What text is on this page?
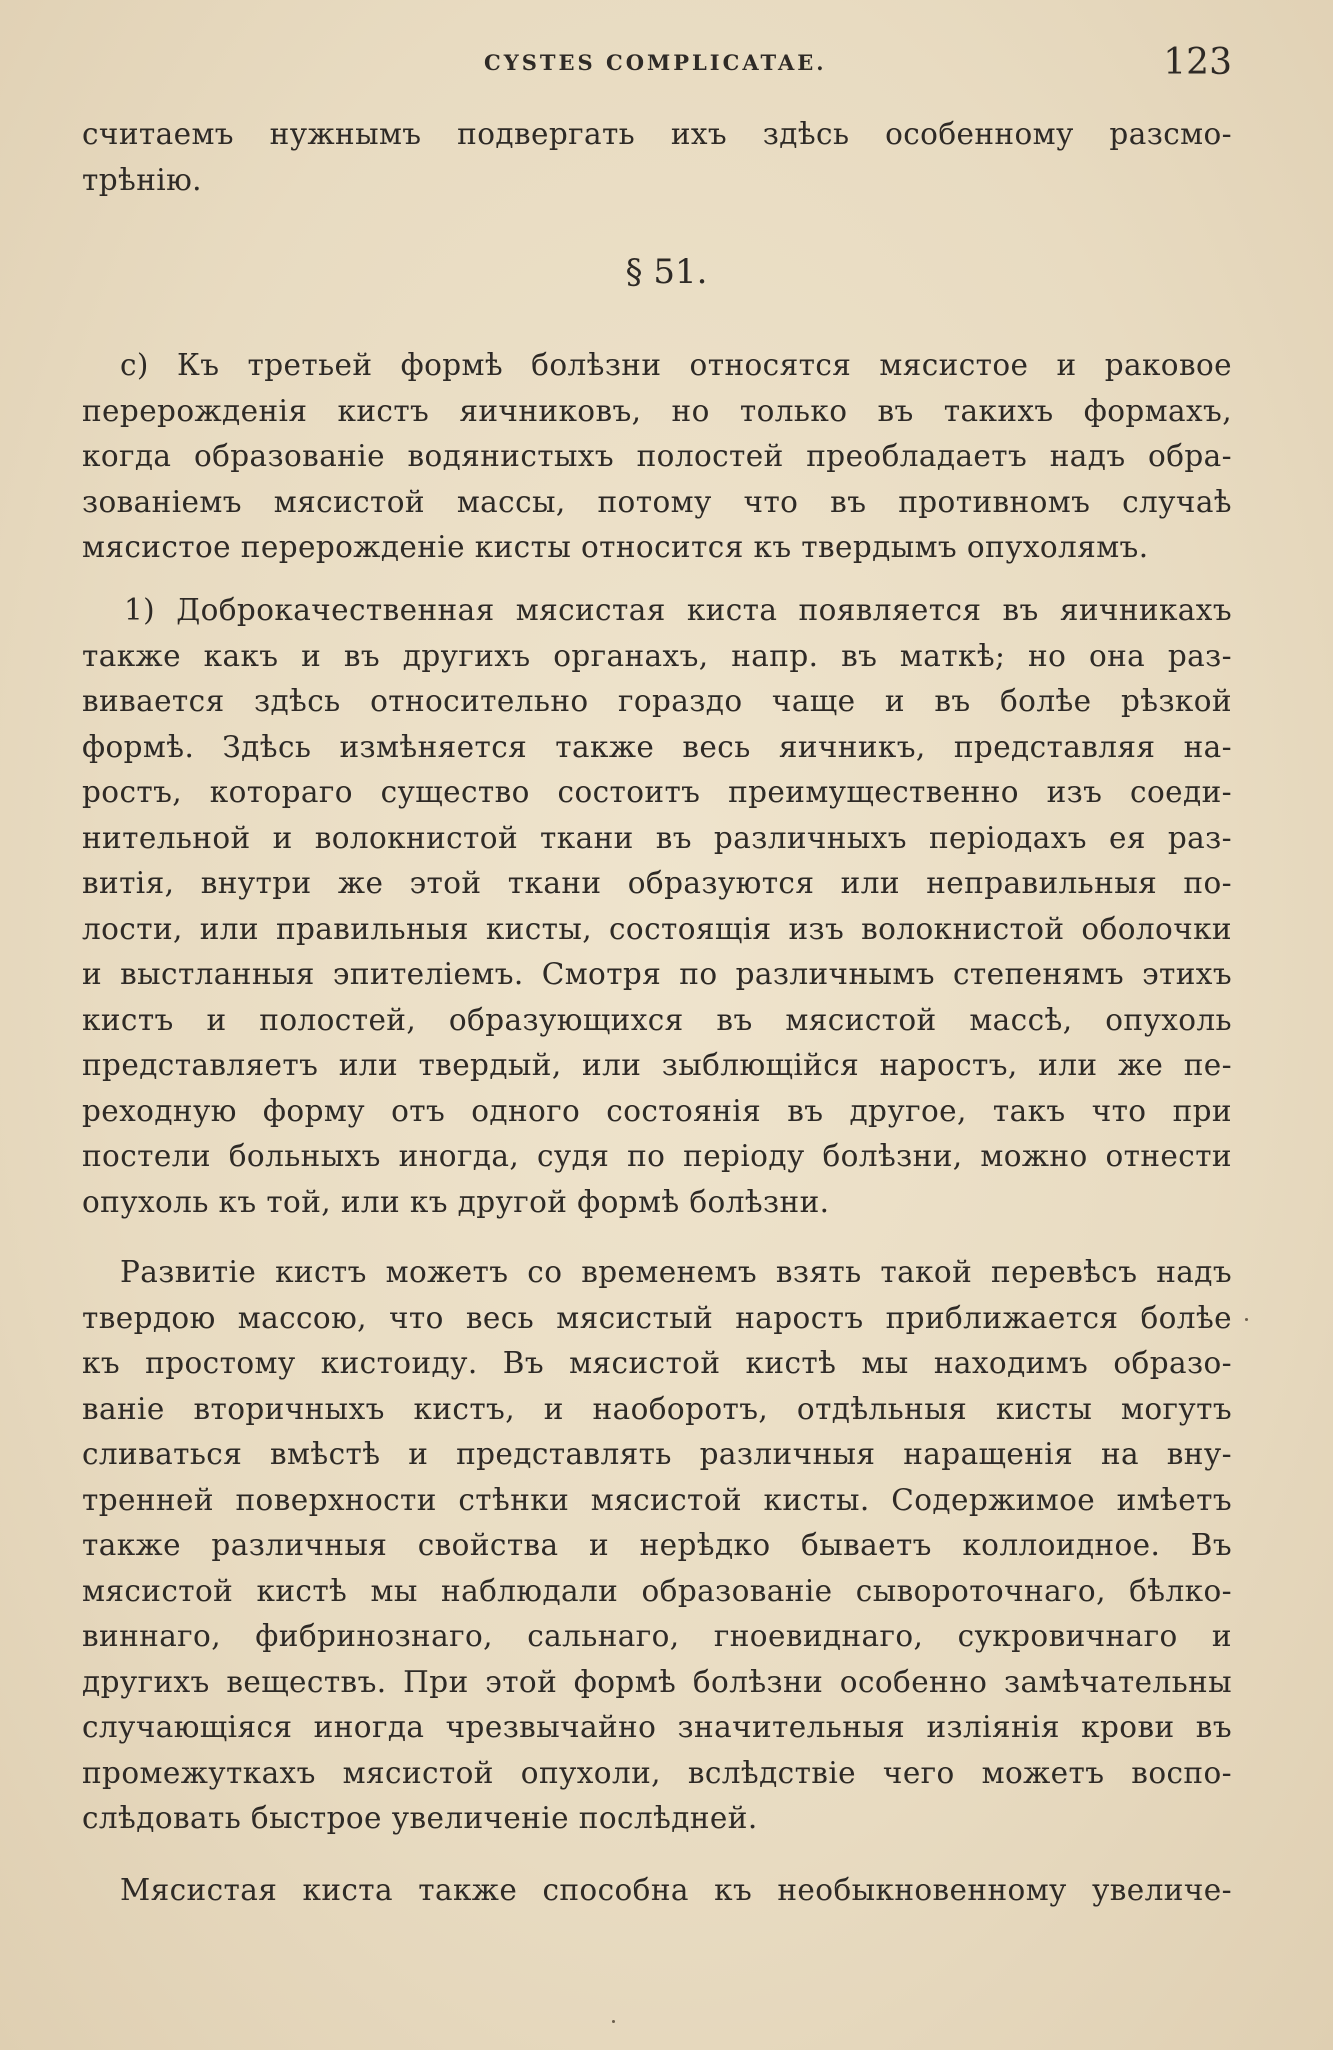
CYSTES COMPLICATAE.	123
считаемъ нужнымъ подвергать ихъ здѣсь особенному разсмо-
трѣнію.
§ 51.
c) Къ третьей формѣ болѣзни относятся мясистое и раковое
перерожденія кистъ яичниковъ, но только въ такихъ формахъ,
когда образованіе водянистыхъ полостей преобладаетъ надъ обра-
зованіемъ мясистой массы, потому что въ противномъ случаѣ
мясистое перерожденіе кисты относится къ твердымъ опухолямъ.
1) Доброкачественная мясистая киста появляется въ яичникахъ
также какъ и въ другихъ органахъ, напр. въ маткѣ; но она раз-
вивается здѣсь относительно гораздо чаще и въ болѣе рѣзкой
формѣ. Здѣсь измѣняется также весь яичникъ, представляя на-
ростъ, котораго существо состоитъ преимущественно изъ соеди-
нительной и волокнистой ткани въ различныхъ періодахъ ея раз-
витія, внутри же этой ткани образуются или неправильныя по-
лости, или правильныя кисты, состоящія изъ волокнистой оболочки
и выстланныя эпителіемъ. Смотря по различнымъ степенямъ этихъ
кистъ и полостей, образующихся въ мясистой массѣ, опухоль
представляетъ или твердый, или зыблющійся наростъ, или же пе-
реходную форму отъ одного состоянія въ другое, такъ что при
постели больныхъ иногда, судя по періоду болѣзни, можно отнести
опухоль къ той, или къ другой формѣ болѣзни.
Развитіе кистъ можетъ со временемъ взять такой перевѣсъ надъ
твердою массою, что весь мясистый наростъ приближается болѣе
къ простому кистоиду. Въ мясистой кистѣ мы находимъ образо-
ваніе вторичныхъ кистъ, и наоборотъ, отдѣльныя кисты могутъ
сливаться вмѣстѣ и представлять различныя наращенія на вну-
тренней поверхности стѣнки мясистой кисты. Содержимое имѣетъ
также различныя свойства и нерѣдко бываетъ коллоидное. Въ
мясистой кистѣ мы наблюдали образованіе сывороточнаго, бѣлко-
виннаго, фибринознаго, сальнаго, гноевиднаго, сукровичнаго и
другихъ веществъ. При этой формѣ болѣзни особенно замѣчательны
случающіяся иногда чрезвычайно значительныя изліянія крови въ
промежуткахъ мясистой опухоли, вслѣдствіе чего можетъ воспо-
слѣдовать быстрое увеличеніе послѣдней.
Мясистая киста также способна къ необыкновенному увеличе-
